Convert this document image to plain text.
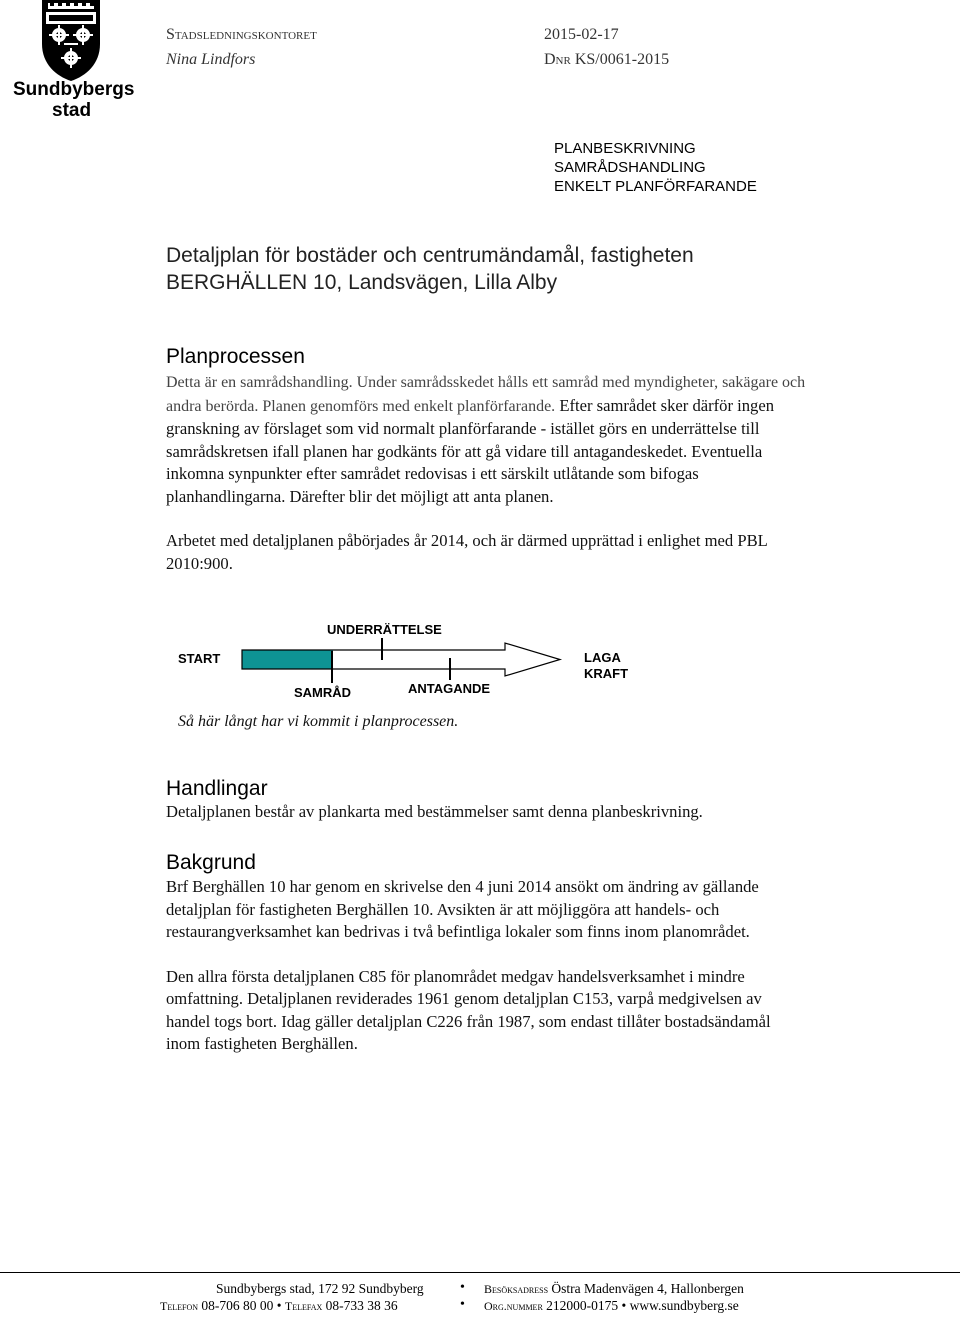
Sundbybergs
stad
Stadsledningskontoret
Nina Lindfors
2015-02-17
Dnr KS/0061-2015
PLANBESKRIVNING
SAMRÅDSHANDLING
ENKELT PLANFÖRFARANDE
Detaljplan för bostäder och centrumändamål, fastigheten
BERGHÄLLEN 10, Landsvägen, Lilla Alby
Planprocessen

Detta är en samrådshandling. Under samrådsskedet hålls ett samråd med myndigheter, sakägare och andra berörda. Planen genomförs med enkelt planförfarande. Efter samrådet sker därför ingen granskning av förslaget som vid normalt planförfarande - istället görs en underrättelse till samrådskretsen ifall planen har godkänts för att gå vidare till antagandeskedet. Eventuella inkomna synpunkter efter samrådet redovisas i ett särskilt utlåtande som bifogas planhandlingarna. Därefter blir det möjligt att anta planen.

Arbetet med detaljplanen påbörjades år 2014, och är därmed upprättad i enlighet med PBL 2010:900.

START
UNDERRÄTTELSE
SAMRÅD	ANTAGANDE
LAGA
KRAFT
Så här långt har vi kommit i planprocessen.
Handlingar
Detaljplanen består av plankarta med bestämmelser samt denna planbeskrivning.
Bakgrund

Brf Berghällen 10 har genom en skrivelse den 4 juni 2014 ansökt om ändring av gällande detaljplan för fastigheten Berghällen 10. Avsikten är att möjliggöra att handels- och restaurangverksamhet kan bedrivas i två befintliga lokaler som finns inom planområdet.

Den allra första detaljplanen C85 för planområdet medgav handelsverksamhet i mindre omfattning. Detaljplanen reviderades 1961 genom detaljplan C153, varpå medgivelsen av handel togs bort. Idag gäller detaljplan C226 från 1987, som endast tillåter bostadsändamål inom fastigheten Berghällen.

Sundbybergs stad, 172 92 Sundbyberg	• Besöksadress Östra Madenvägen 4, Hallonbergen
Telefon 08-706 80 00 • Telefax 08-733 38 36	• Org.nummer 212000-0175 • www.sundbyberg.se
